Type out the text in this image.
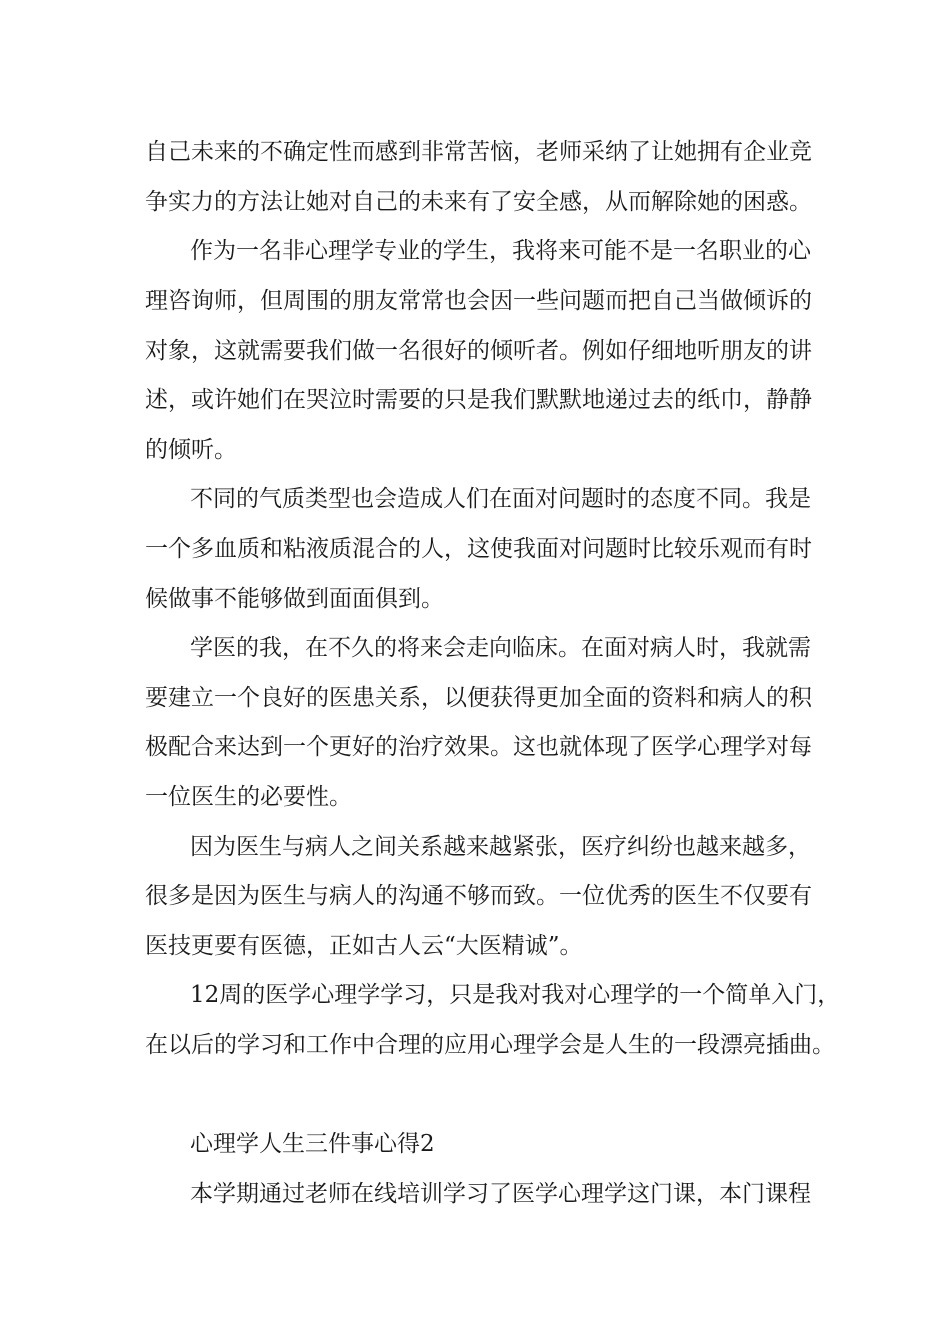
自己未来的不确定性而感到非常苦恼，老师采纳了让她拥有企业竞
争实力的方法让她对自己的未来有了安全感，从而解除她的困惑。
作为一名非心理学专业的学生，我将来可能不是一名职业的心
理咨询师，但周围的朋友常常也会因一些问题而把自己当做倾诉的
对象，这就需要我们做一名很好的倾听者。例如仔细地听朋友的讲
述，或许她们在哭泣时需要的只是我们默默地递过去的纸巾，静静
的倾听。
不同的气质类型也会造成人们在面对问题时的态度不同。我是
一个多血质和粘液质混合的人，这使我面对问题时比较乐观而有时
候做事不能够做到面面俱到。
学医的我，在不久的将来会走向临床。在面对病人时，我就需
要建立一个良好的医患关系，以便获得更加全面的资料和病人的积
极配合来达到一个更好的治疗效果。这也就体现了医学心理学对每
一位医生的必要性。
因为医生与病人之间关系越来越紧张，医疗纠纷也越来越多，
很多是因为医生与病人的沟通不够而致。一位优秀的医生不仅要有
医技更要有医德，正如古人云“大医精诚”。
12周的医学心理学学习，只是我对我对心理学的一个简单入门，
在以后的学习和工作中合理的应用心理学会是人生的一段漂亮插曲。
心理学人生三件事心得2
本学期通过老师在线培训学习了医学心理学这门课，本门课程
